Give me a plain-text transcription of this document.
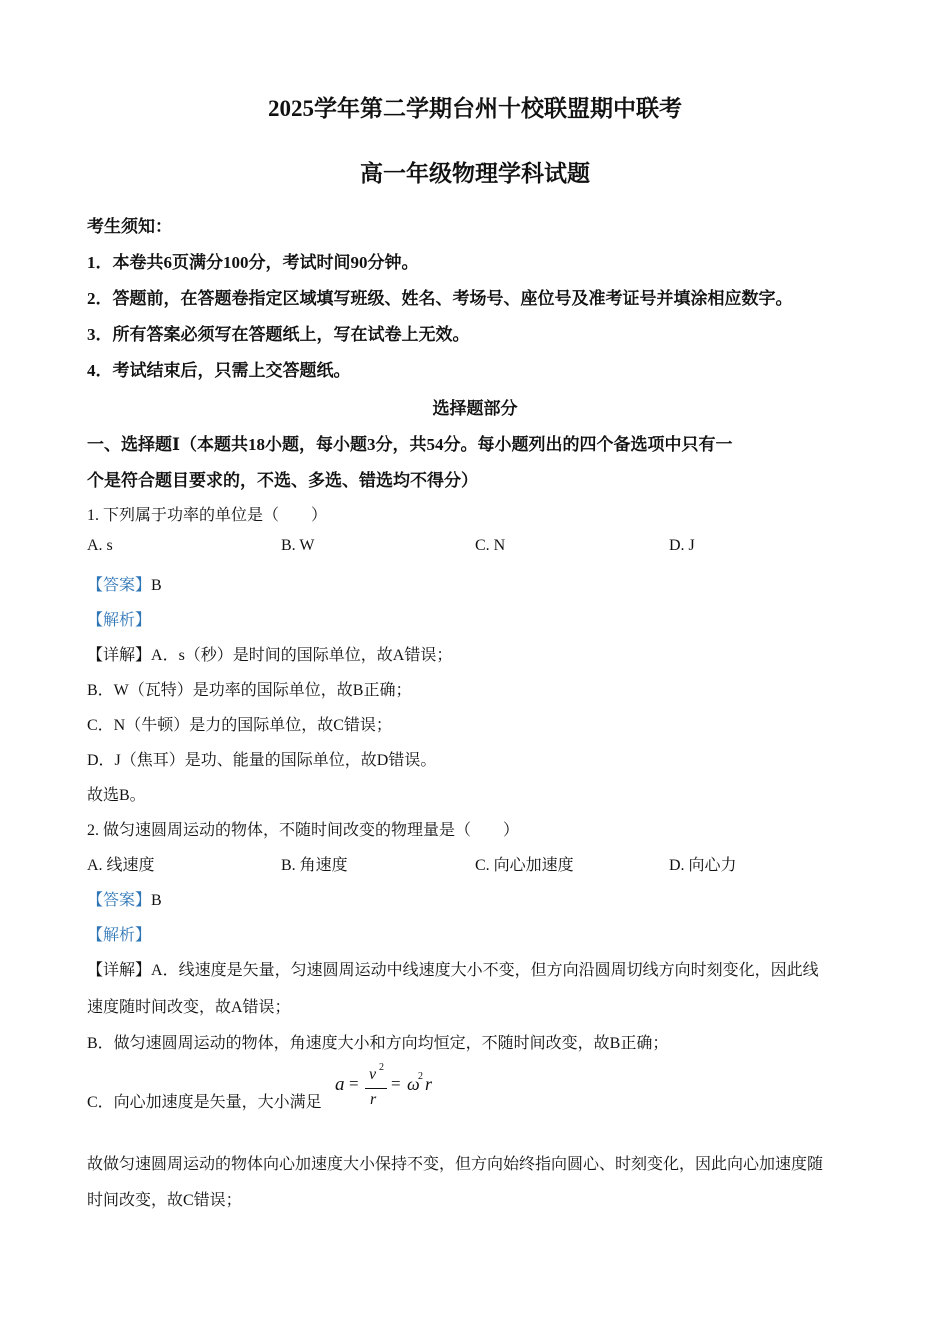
2025学年第二学期台州十校联盟期中联考
高一年级物理学科试题
考生须知：
1．本卷共6页满分100分，考试时间90分钟。
2．答题前，在答题卷指定区域填写班级、姓名、考场号、座位号及准考证号并填涂相应数字。
3．所有答案必须写在答题纸上，写在试卷上无效。
4．考试结束后，只需上交答题纸。
选择题部分
一、选择题Ⅰ（本题共18小题，每小题3分，共54分。每小题列出的四个备选项中只有一
个是符合题目要求的，不选、多选、错选均不得分）
1. 下列属于功率的单位是（　　）
A. s	B. W	C. N	D. J
【答案】B
【解析】
【详解】A．s（秒）是时间的国际单位，故A错误；
B．W（瓦特）是功率的国际单位，故B正确；
C．N（牛顿）是力的国际单位，故C错误；
D．J（焦耳）是功、能量的国际单位，故D错误。
故选B。
2. 做匀速圆周运动的物体，不随时间改变的物理量是（　　）
A. 线速度	B. 角速度	C. 向心加速度	D. 向心力
【答案】B
【解析】
【详解】A．线速度是矢量，匀速圆周运动中线速度大小不变，但方向沿圆周切线方向时刻变化，因此线
速度随时间改变，故A错误；
B．做匀速圆周运动的物体，角速度大小和方向均恒定，不随时间改变，故B正确；
C．向心加速度是矢量，大小满足
a = v 2
r
= ω
2 r
故做匀速圆周运动的物体向心加速度大小保持不变，但方向始终指向圆心、时刻变化，因此向心加速度随
时间改变，故C错误；
